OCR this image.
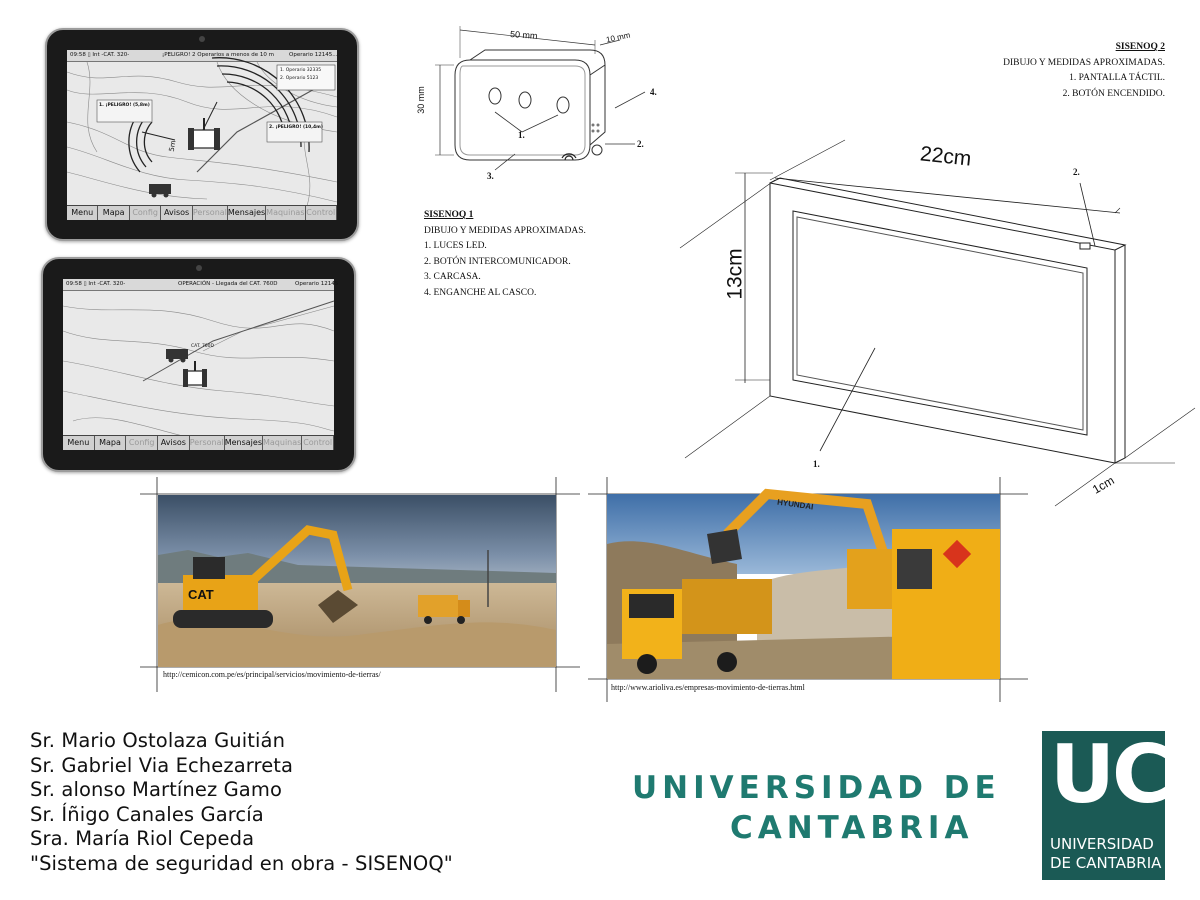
09:58 ▯ Int -CAT. 320-	¡PELIGRO! 2 Operarios a menos de 10 m	Operario 12145...
1. Operario 32335
2. Operario 5123
1. ¡PELIGRO! (5,8m)
2. ¡PELIGRO! (10,4m)
5m
Menu	Mapa Config Avisos Personal Mensajes Maquinas Control
09:58 ▯ Int -CAT. 320-	OPERACIÓN - Llegada del CAT. 760D	Operario 12145
CAT. 760D
Menu	Mapa Config Avisos Personal Mensajes Maquinas Control
50 mm	10 mm
30 mm
1.
2.
3.
4.
SISENOQ 1
DIBUJO Y MEDIDAS APROXIMADAS.
1. LUCES LED.
2. BOTÓN INTERCOMUNICADOR.
3. CARCASA.
4. ENGANCHE AL CASCO.
SISENOQ 2
DIBUJO Y MEDIDAS APROXIMADAS.
1. PANTALLA TÁCTIL.
2. BOTÓN ENCENDIDO.
22cm
13cm
1cm
1.
2.
CAT
http://cemicon.com.pe/es/principal/servicios/movimiento-de-tierras/
HYUNDAI
http://www.arioliva.es/empresas-movimiento-de-tierras.html
Sr. Mario Ostolaza Guitián
Sr. Gabriel Via Echezarreta
Sr. alonso Martínez Gamo
Sr. Íñigo Canales García
Sra. María Riol Cepeda
"Sistema de seguridad en obra - SISENOQ"
UNIVERSIDAD DE
CANTABRIA
UC
UNIVERSIDAD
DE CANTABRIA
